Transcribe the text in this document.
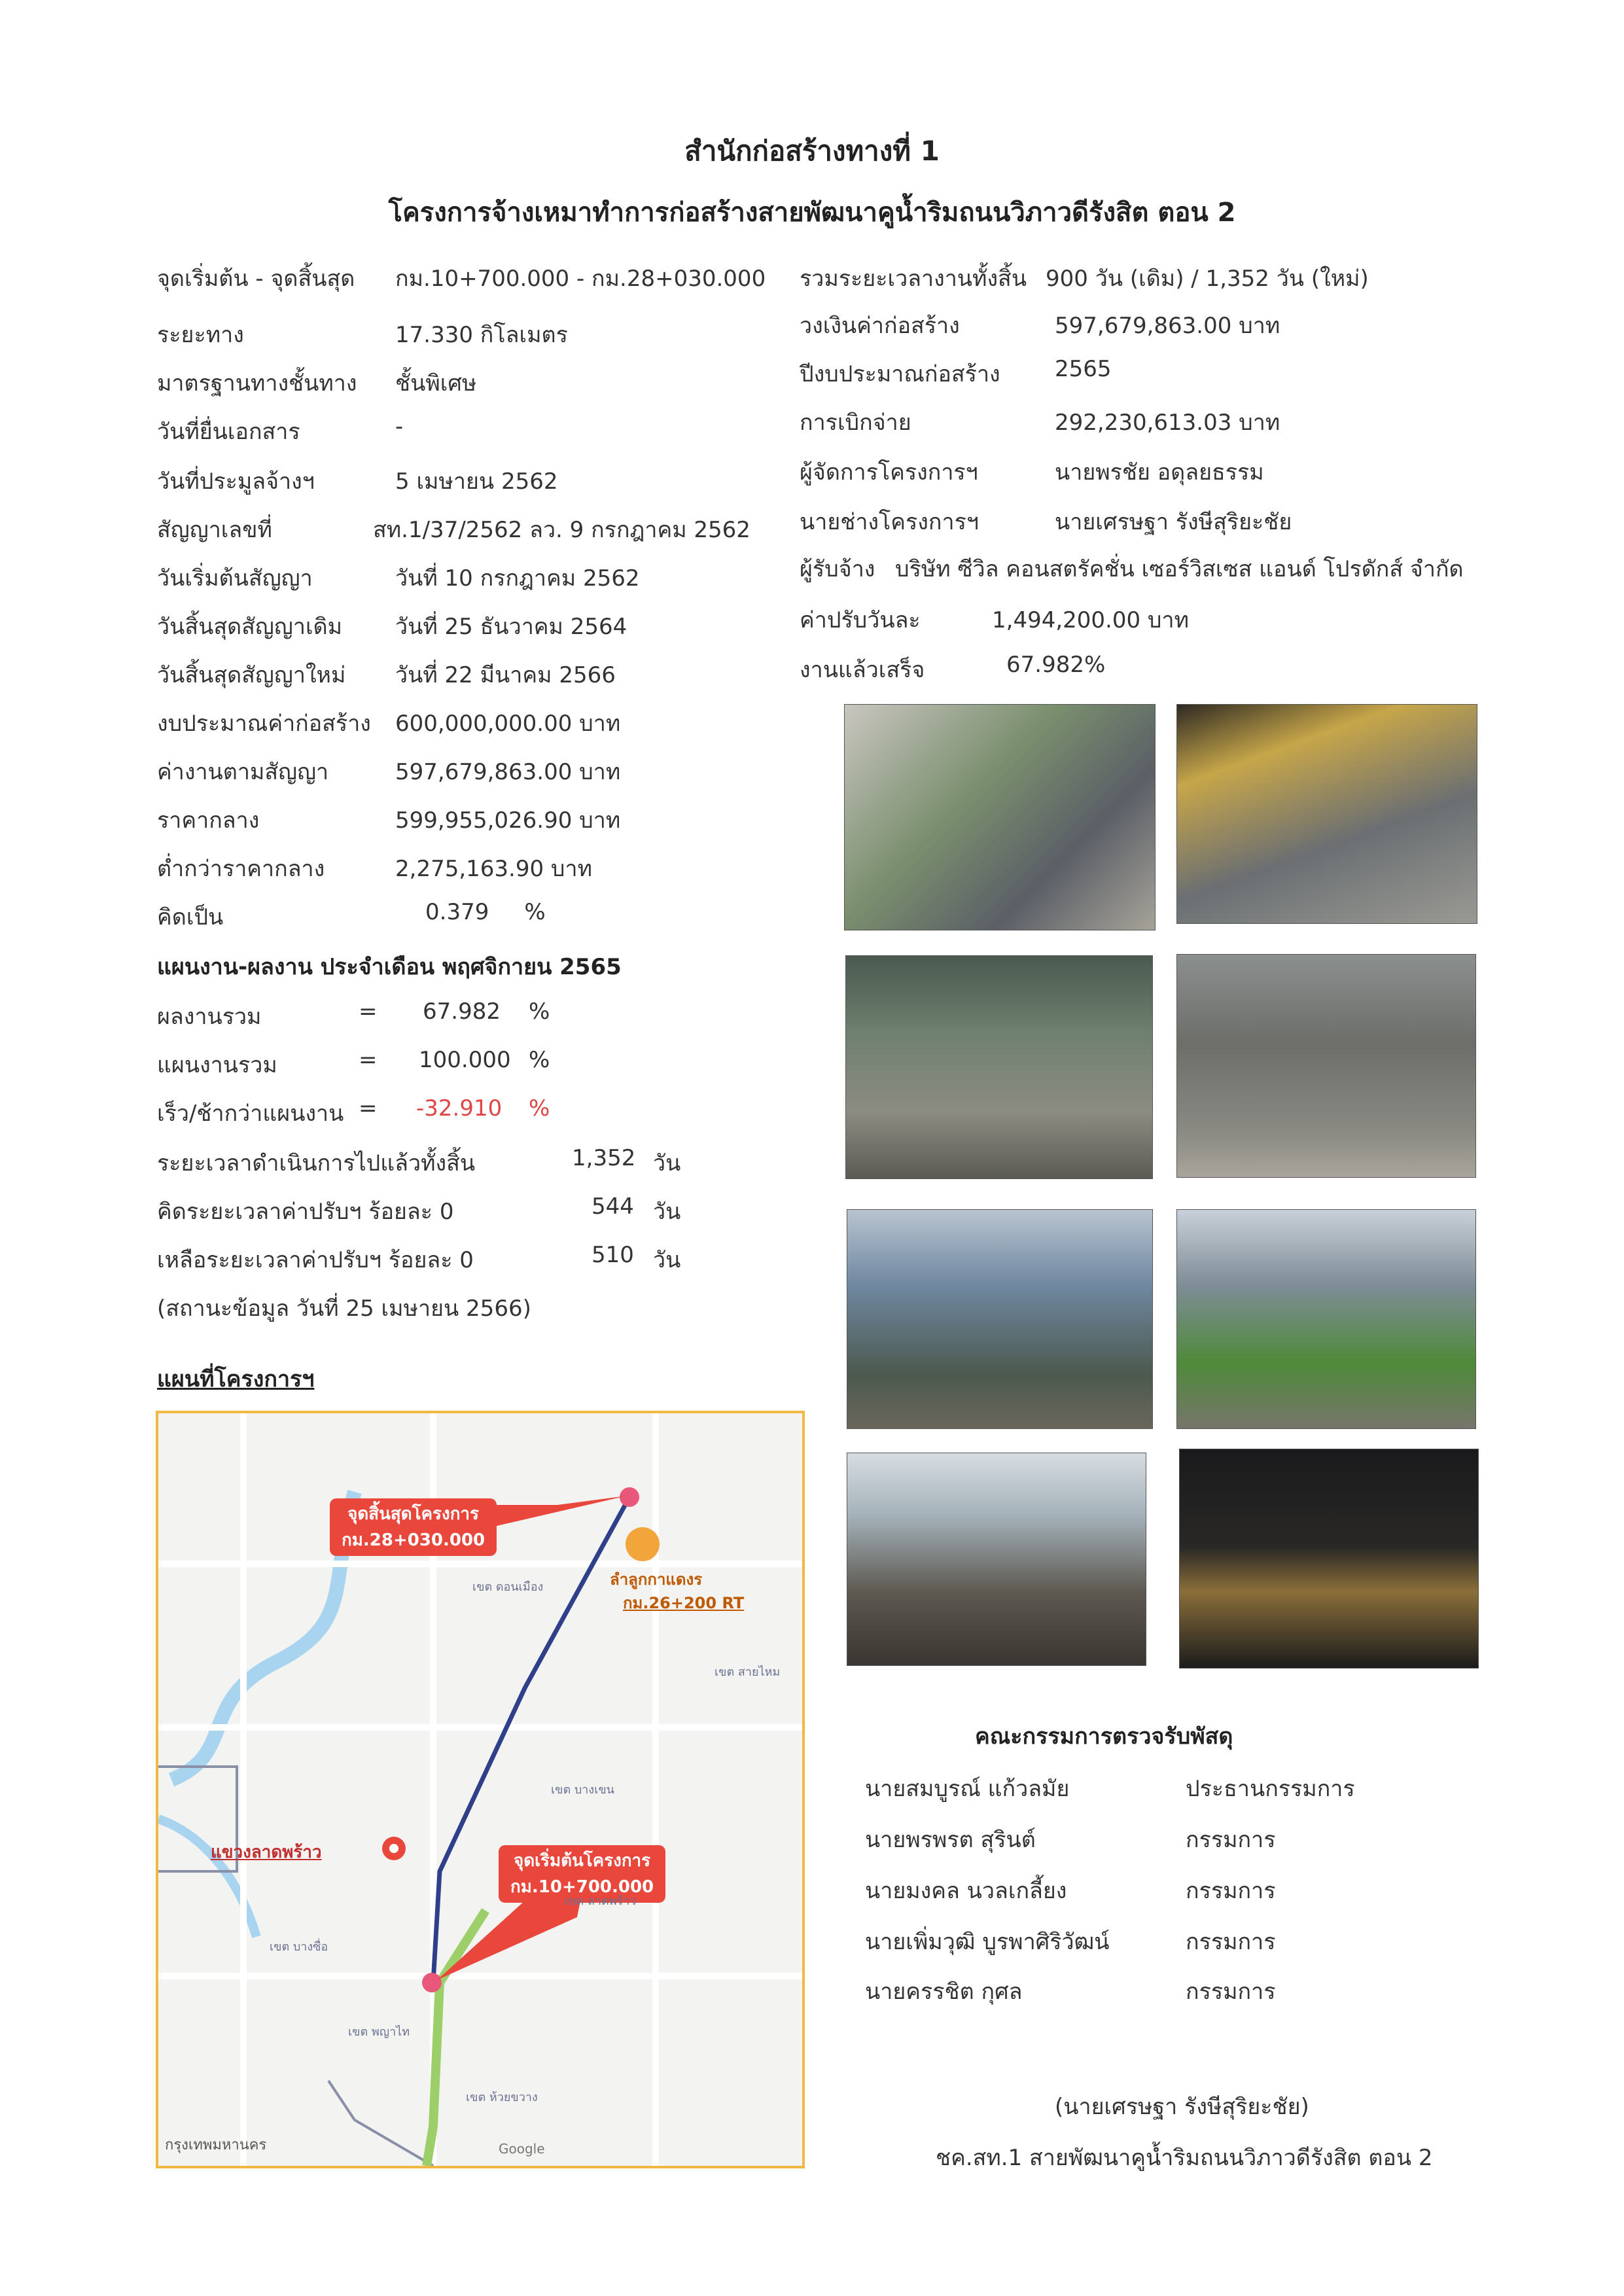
สำนักก่อสร้างทางที่ 1
โครงการจ้างเหมาทำการก่อสร้างสายพัฒนาคูน้ำริมถนนวิภาวดีรังสิต ตอน 2
จุดเริ่มต้น - จุดสิ้นสุด กม.10+700.000 - กม.28+030.000
ระยะทาง	17.330 กิโลเมตร
มาตรฐานทางชั้นทาง ชั้นพิเศษ
วันที่ยื่นเอกสาร	-
วันที่ประมูลจ้างฯ	5 เมษายน 2562
สัญญาเลขที่	สท.1/37/2562 ลว. 9 กรกฎาคม 2562
วันเริ่มต้นสัญญา	วันที่ 10 กรกฎาคม 2562
วันสิ้นสุดสัญญาเดิม วันที่ 25 ธันวาคม 2564
วันสิ้นสุดสัญญาใหม่ วันที่ 22 มีนาคม 2566
งบประมาณค่าก่อสร้าง 600,000,000.00 บาท
ค่างานตามสัญญา	597,679,863.00 บาท
ราคากลาง	599,955,026.90 บาท
ต่ำกว่าราคากลาง	2,275,163.90 บาท
คิดเป็น	0.379     %
รวมระยะเวลางานทั้งสิ้น 900 วัน (เดิม) / 1,352 วัน (ใหม่)
วงเงินค่าก่อสร้าง	597,679,863.00 บาท
ปีงบประมาณก่อสร้าง 2565
การเบิกจ่าย	292,230,613.03 บาท
ผู้จัดการโครงการฯ	นายพรชัย อดุลยธรรม
นายช่างโครงการฯ	นายเศรษฐา รังษีสุริยะชัย
ผู้รับจ้าง บริษัท ซีวิล คอนสตรัคชั่น เซอร์วิสเซส แอนด์ โปรดักส์ จำกัด
ค่าปรับวันละ	1,494,200.00 บาท
งานแล้วเสร็จ	67.982%
แผนงาน-ผลงาน ประจำเดือน พฤศจิกายน 2565
ผลงานรวม	= 67.982 %
แผนงานรวม	= 100.000 %
เร็ว/ช้ากว่าแผนงาน = -32.910 %
ระยะเวลาดำเนินการไปแล้วทั้งสิ้น	1,352 วัน
คิดระยะเวลาค่าปรับฯ ร้อยละ 0	544 วัน
เหลือระยะเวลาค่าปรับฯ ร้อยละ 0	510 วัน
(สถานะข้อมูล วันที่ 25 เมษายน 2566)
แผนที่โครงการฯ
จุดสิ้นสุดโครงการ
กม.28+030.000
จุดเริ่มต้นโครงการ
กม.10+700.000
ลำลูกกาแดงร
กม.26+200 RT
แขวงลาดพร้าว
เขต ดอนเมือง
เขต สายไหม
เขต บางเขน
เขต ลาดพร้าว
เขต บางซื่อ
เขต พญาไท
เขต ห้วยขวาง
กรุงเทพมหานคร	Google
คณะกรรมการตรวจรับพัสดุ
นายสมบูรณ์ แก้วลมัย	ประธานกรรมการ
นายพรพรต สุรินต์	กรรมการ
นายมงคล นวลเกลี้ยง	กรรมการ
นายเพิ่มวุฒิ บูรพาศิริวัฒน์	กรรมการ
นายครรชิต กุศล	กรรมการ
(นายเศรษฐา รังษีสุริยะชัย)
ชค.สท.1 สายพัฒนาคูน้ำริมถนนวิภาวดีรังสิต ตอน 2
